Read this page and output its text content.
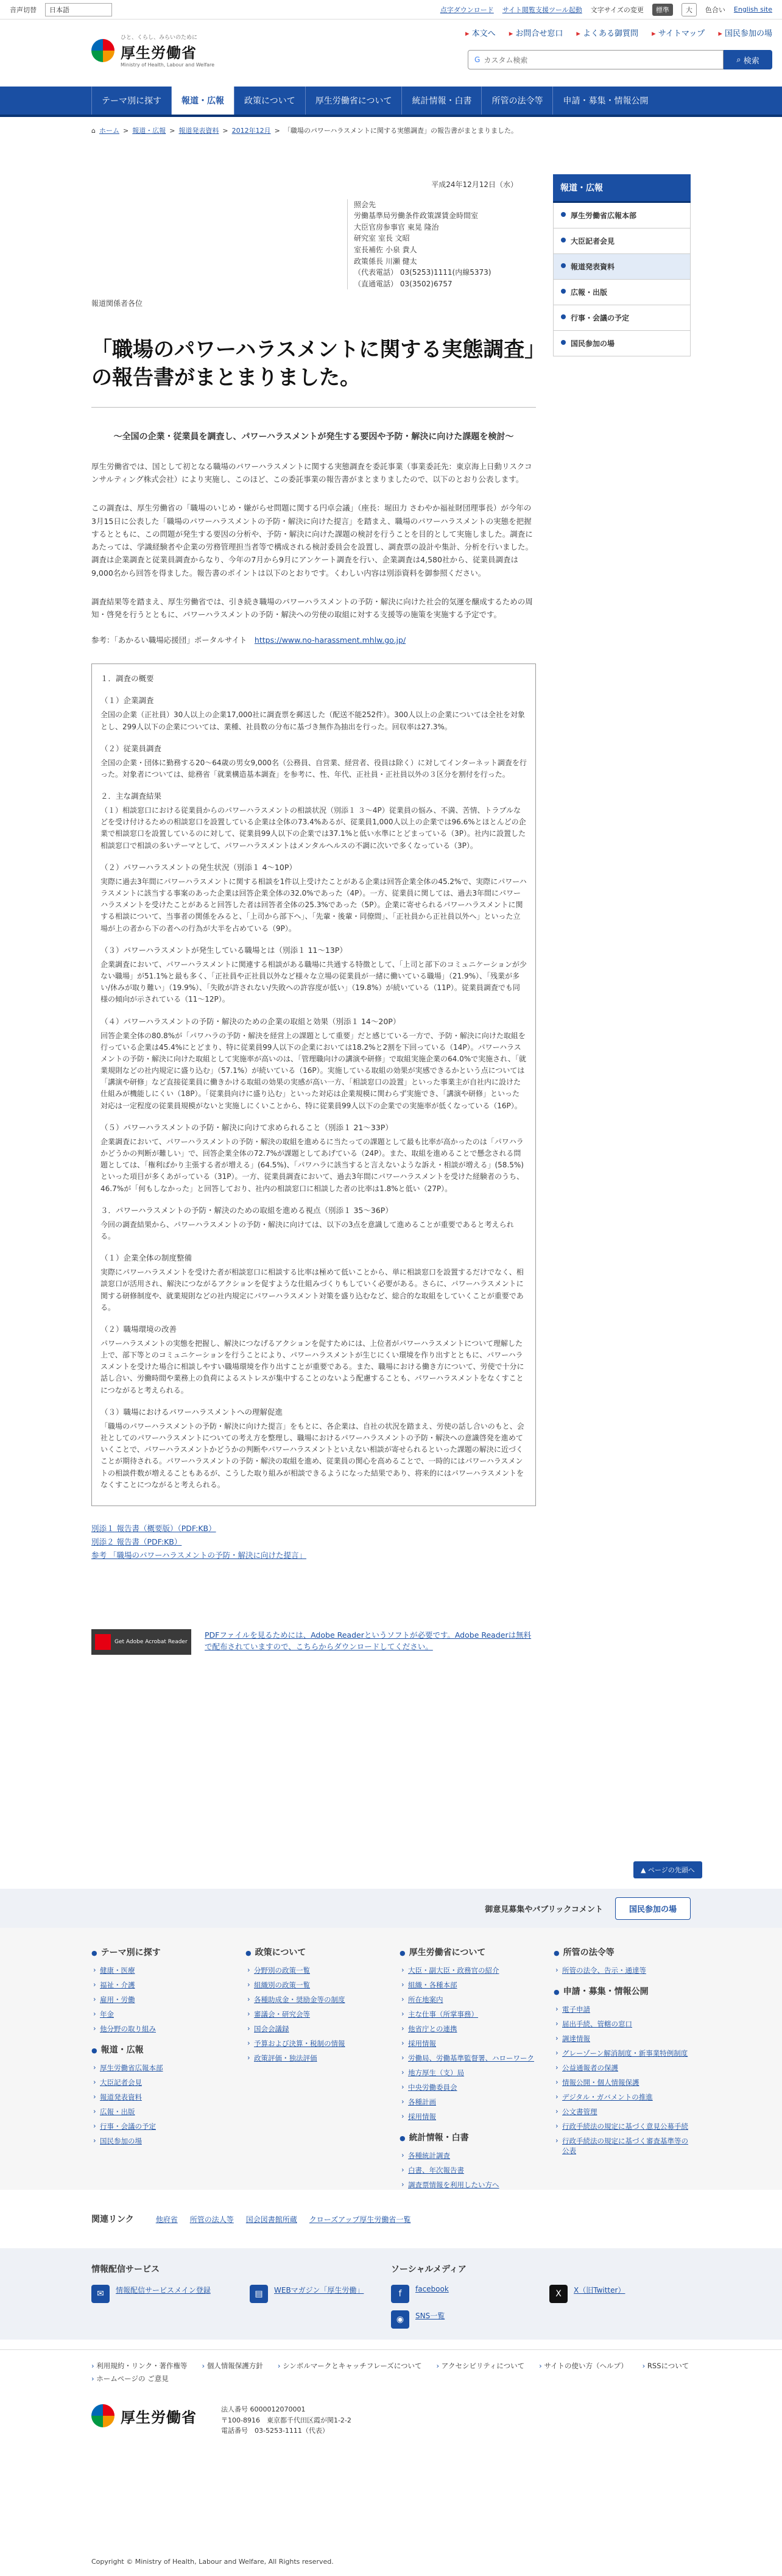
音声切替	日本語	点字ダウンロード サイト閲覧支援ツール起動 文字サイズの変更	標準	大	色合い English site
ひと、くらし、みらいのために
厚生労働省
Ministry of Health, Labour and Welfare
▸ 本文へ	▸ お問合せ窓口	▸ よくある御質問	▸ サイトマップ	▸ 国民参加の場
G カスタム検索	⌕ 検索
テーマ別に探す	報道・広報	政策について	厚生労働省について	統計情報・白書	所管の法令等	申請・募集・情報公開
⌂ ホーム > 報道・広報 > 報道発表資料 > 2012年12月 > 「職場のパワーハラスメントに関する実態調査」の報告書がまとまりました。
平成24年12月12日（水）
照会先
労働基準局労働条件政策課賃金時間室
大臣官房参事官 東晃 隆治
研究室 室長 文昭
室長補佐 小泉 貴人
政策係長 川瀬 健太
（代表電話） 03(5253)1111(内線5373)
（直通電話） 03(3502)6757
報道関係者各位
「職場のパワーハラスメントに関する実態調査」の報告書がまとまりました。
～全国の企業・従業員を調査し、パワーハラスメントが発生する要因や予防・解決に向けた課題を検討～

厚生労働省では、国として初となる職場のパワーハラスメントに関する実態調査を委託事業（事業委託先：東京海上日動リスクコンサルティング株式会社）により実施し、このほど、この委託事業の報告書がまとまりましたので、以下のとおり公表します。

この調査は、厚生労働省の「職場のいじめ・嫌がらせ問題に関する円卓会議」（座長：堀田力 さわやか福祉財団理事長）が今年の3月15日に公表した「職場のパワーハラスメントの予防・解決に向けた提言」を踏まえ、職場のパワーハラスメントの実態を把握するとともに、この問題が発生する要因の分析や、予防・解決に向けた課題の検討を行うことを目的として実施しました。調査にあたっては、学識経験者や企業の労務管理担当者等で構成される検討委員会を設置し、調査票の設計や集計、分析を行いました。調査は企業調査と従業員調査からなり、今年の7月から9月にアンケート調査を行い、企業調査は4,580社から、従業員調査は9,000名から回答を得ました。報告書のポイントは以下のとおりです。くわしい内容は別添資料を御参照ください。

調査結果等を踏まえ、厚生労働省では、引き続き職場のパワーハラスメントの予防・解決に向けた社会的気運を醸成するための周知・啓発を行うとともに、パワーハラスメントの予防・解決への労使の取組に対する支援等の施策を実施する予定です。

参考：「あかるい職場応援団」ポータルサイト　 https://www.no-harassment.mhlw.go.jp/
１．調査の概要
（１）企業調査

全国の企業（正社員）30人以上の企業17,000社に調査票を郵送した（配送不能252件）。300人以上の企業については全社を対象とし、299人以下の企業については、業種、社員数の分布に基づき無作為抽出を行った。回収率は27.3%。

（２）従業員調査

全国の企業・団体に勤務する20～64歳の男女9,000名（公務員、自営業、経営者、役員は除く）に対してインターネット調査を行った。対象者については、総務省「就業構造基本調査」を参考に、性、年代、正社員・正社員以外の３区分を割付を行った。

２．主な調査結果

（１）相談窓口における従業員からのパワーハラスメントの相談状況（別添１ ３～4P）従業員の悩み、不満、苦情、トラブルなどを受け付けるための相談窓口を設置している企業は全体の73.4%あるが、従業員1,000人以上の企業では96.6%とほとんどの企業で相談窓口を設置しているのに対して、従業員99人以下の企業では37.1%と低い水準にとどまっている（3P）。社内に設置した相談窓口で相談の多いテーマとして、パワーハラスメントはメンタルヘルスの不調に次いで多くなっている（3P）。

（２）パワーハラスメントの発生状況（別添１ 4～10P）

実際に過去3年間にパワーハラスメントに関する相談を1件以上受けたことがある企業は回答企業全体の45.2%で、実際にパワーハラスメントに該当する事案のあった企業は回答企業全体の32.0%であった（4P）。一方、従業員に関しては、過去3年間にパワーハラスメントを受けたことがあると回答した者は回答者全体の25.3%であった（5P）。企業に寄せられるパワーハラスメントに関する相談について、当事者の関係をみると、「上司から部下へ」、「先輩・後輩・同僚間」、「正社員から正社員以外へ」といった立場が上の者から下の者への行為が大半を占めている（9P）。

（３）パワーハラスメントが発生している職場とは（別添１ 11～13P）

企業調査において、パワーハラスメントに関連する相談がある職場に共通する特徴として、「上司と部下のコミュニケーションが少ない職場」が51.1%と最も多く、「正社員や正社員以外など様々な立場の従業員が一緒に働いている職場」（21.9%）、「残業が多い/休みが取り難い」（19.9%）、「失敗が許されない/失敗への許容度が低い」（19.8%）が続いている（11P）。従業員調査でも同様の傾向が示されている（11～12P）。

（４）パワーハラスメントの予防・解決のための企業の取組と効果（別添１ 14～20P）

回答企業全体の80.8%が「パワハラの予防・解決を経営上の課題として重要」だと感じている一方で、予防・解決に向けた取組を行っている企業は45.4%にとどまり、特に従業員99人以下の企業においては18.2%と2割を下回っている（14P）。パワーハラスメントの予防・解決に向けた取組として実施率が高いのは、「管理職向けの講演や研修」で取組実施企業の64.0%で実施され、「就業規則などの社内規定に盛り込む」（57.1%）が続いている（16P）。実施している取組の効果が実感できるかという点については「講演や研修」など直接従業員に働きかける取組の効果の実感が高い一方、「相談窓口の設置」といった事業主が自社内に設けた仕組みが機能しにくい（18P）。「従業員向けに盛り込む」といった対応は企業規模に関わらず実施でき、「講演や研修」といった対応は一定程度の従業員規模がないと実施しにくいことから、特に従業員99人以下の企業での実施率が低くなっている（16P）。

（５）パワーハラスメントの予防・解決に向けて求められること（別添１ 21～33P）

企業調査において、パワーハラスメントの予防・解決の取組を進めるに当たっての課題として最も比率が高かったのは「パワハラかどうかの判断が難しい」で、回答企業全体の72.7%が課題としてあげている（24P）。また、取組を進めることで懸念される問題としては、「権利ばかり主張する者が増える」(64.5%)、「パワハラに該当すると言えないような訴え・相談が増える」(58.5%) といった項目が多くあがっている（31P）。一方、従業員調査において、過去3年間にパワーハラスメントを受けた経験者のうち、46.7%が「何もしなかった」と回答しており、社内の相談窓口に相談した者の比率は1.8%と低い（27P）。

３．パワーハラスメントの予防・解決のための取組を進める視点（別添１ 35～36P）

今回の調査結果から、パワーハラスメントの予防・解決に向けては、以下の3点を意識して進めることが重要であると考えられる。

（１）企業全体の制度整備

実際にパワーハラスメントを受けた者が相談窓口に相談する比率は極めて低いことから、単に相談窓口を設置するだけでなく、相談窓口が活用され、解決につながるアクションを促すような仕組みづくりもしていく必要がある。さらに、パワーハラスメントに関する研修制度や、就業規則などの社内規定にパワーハラスメント対策を盛り込むなど、総合的な取組をしていくことが重要である。

（２）職場環境の改善

パワーハラスメントの実態を把握し、解決につなげるアクションを促すためには、上位者がパワーハラスメントについて理解した上で、部下等とのコミュニケーションを行うことにより、パワーハラスメントが生じにくい環境を作り出すとともに、パワーハラスメントを受けた場合に相談しやすい職場環境を作り出すことが重要である。また、職場における働き方について、労使で十分に話し合い、労働時間や業務上の負荷によるストレスが集中することのないよう配慮することも、パワーハラスメントをなくすことにつながると考えられる。

（３）職場におけるパワーハラスメントへの理解促進

「職場のパワーハラスメントの予防・解決に向けた提言」をもとに、各企業は、自社の状況を踏まえ、労使の話し合いのもと、会社としてのパワーハラスメントについての考え方を整理し、職場におけるパワーハラスメントの予防・解決への意識啓発を進めていくことで、パワーハラスメントかどうかの判断やパワーハラスメントといえない相談が寄せられるといった課題の解決に近づくことが期待される。パワーハラスメントの予防・解決の取組を進め、従業員の関心を高めることで、一時的にはパワーハラスメントの相談件数が増えることもあるが、こうした取り組みが相談できるようになった結果であり、将来的にはパワーハラスメントをなくすことにつながると考えられる。

別添１ 報告書（概要版）（PDF:KB）
別添２ 報告書（PDF:KB）
参考 「職場のパワーハラスメントの予防・解決に向けた提言」
Get Adobe Acrobat Reader
PDFファイルを見るためには、Adobe Readerというソフトが必要です。Adobe Readerは無料で配布されていますので、こちらからダウンロードしてください。
報道・広報
厚生労働省広報本部
大臣記者会見
報道発表資料
広報・出版
行事・会議の予定
国民参加の場
▲ ページの先頭へ
御意見募集やパブリックコメント	国民参加の場
● テーマ別に探す
› 健康・医療
› 福祉・介護
› 雇用・労働
› 年金
› 他分野の取り組み
● 報道・広報
› 厚生労働省広報本部
› 大臣記者会見
› 報道発表資料
› 広報・出版
› 行事・会議の予定
› 国民参加の場
● 政策について
› 分野別の政策一覧
› 組織別の政策一覧
› 各種助成金・奨励金等の制度
› 審議会・研究会等
› 国会会議録
› 予算および決算・税制の情報
› 政策評価・独法評価
● 厚生労働省について
› 大臣・副大臣・政務官の紹介
› 組織・各種本部
› 所在地案内
› 主な仕事（所掌事務）
› 他省庁との連携
› 採用情報
› 労働局、労働基準監督署、ハローワーク
› 地方厚生（支）局
› 中央労働委員会
› 各種計画
› 採用情報
● 統計情報・白書
› 各種統計調査
› 白書、年次報告書
› 調査票情報を利用したい方へ
● 所管の法令等
› 所管の法令、告示・通達等
● 申請・募集・情報公開
› 電子申請
› 届出手続、管轄の窓口
› 調達情報
› グレーゾーン解消制度・新事業特例制度
› 公益通報者の保護
› 情報公開・個人情報保護
› デジタル・ガバメントの推進
› 公文書管理
› 行政手続法の規定に基づく意見公募手続
› 行政手続法の規定に基づく審査基準等の公表
関連リンク	他府省 所管の法人等 国会図書館所蔵 クローズアップ厚生労働省一覧
情報配信サービス
✉	情報配信サービスメイン登録	▤	WEBマガジン「厚生労働」
ソーシャルメディア
f	facebook	X	X（旧Twitter）
◉	SNS一覧
› 利用規約・リンク・著作権等	› 個人情報保護方針	› シンボルマークとキャッチフレーズについて	› アクセシビリティについて	› サイトの使い方（ヘルプ）	› RSSについて
› ホームページの ご意見
厚生労働省	法人番号 6000012070001
〒100-8916　東京都千代田区霞が関1-2-2
電話番号　03-5253-1111（代表）
Copyright © Ministry of Health, Labour and Welfare, All Rights reserved.
